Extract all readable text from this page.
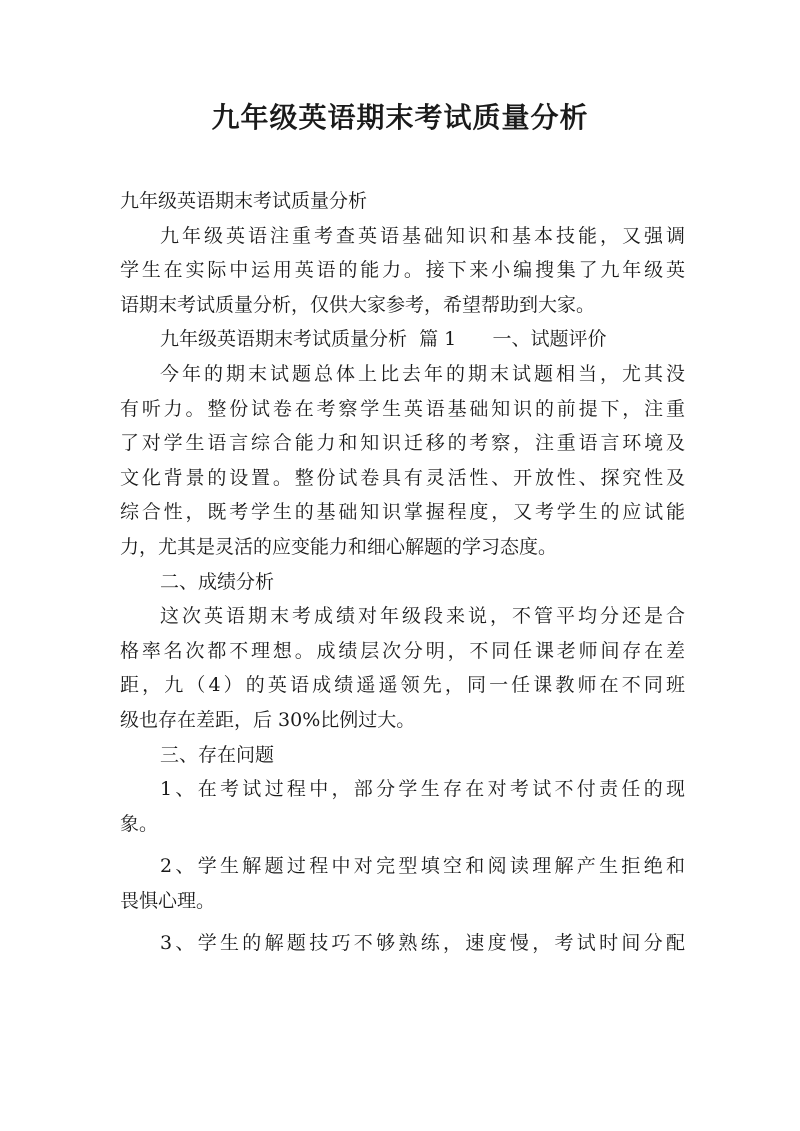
九年级英语期末考试质量分析
九年级英语期末考试质量分析
九年级英语注重考查英语基础知识和基本技能，又强调
学生在实际中运用英语的能力。接下来小编搜集了九年级英
语期末考试质量分析，仅供大家参考，希望帮助到大家。
九年级英语期末考试质量分析  篇 1      一、试题评价
今年的期末试题总体上比去年的期末试题相当，尤其没
有听力。整份试卷在考察学生英语基础知识的前提下，注重
了对学生语言综合能力和知识迁移的考察，注重语言环境及
文化背景的设置。整份试卷具有灵活性、开放性、探究性及
综合性，既考学生的基础知识掌握程度，又考学生的应试能
力，尤其是灵活的应变能力和细心解题的学习态度。
二、成绩分析
这次英语期末考成绩对年级段来说，不管平均分还是合
格率名次都不理想。成绩层次分明，不同任课老师间存在差
距，九（4）的英语成绩遥遥领先，同一任课教师在不同班
级也存在差距，后 30%比例过大。
三、存在问题
1、在考试过程中，部分学生存在对考试不付责任的现
象。
2、学生解题过程中对完型填空和阅读理解产生拒绝和
畏惧心理。
3、学生的解题技巧不够熟练，速度慢，考试时间分配
